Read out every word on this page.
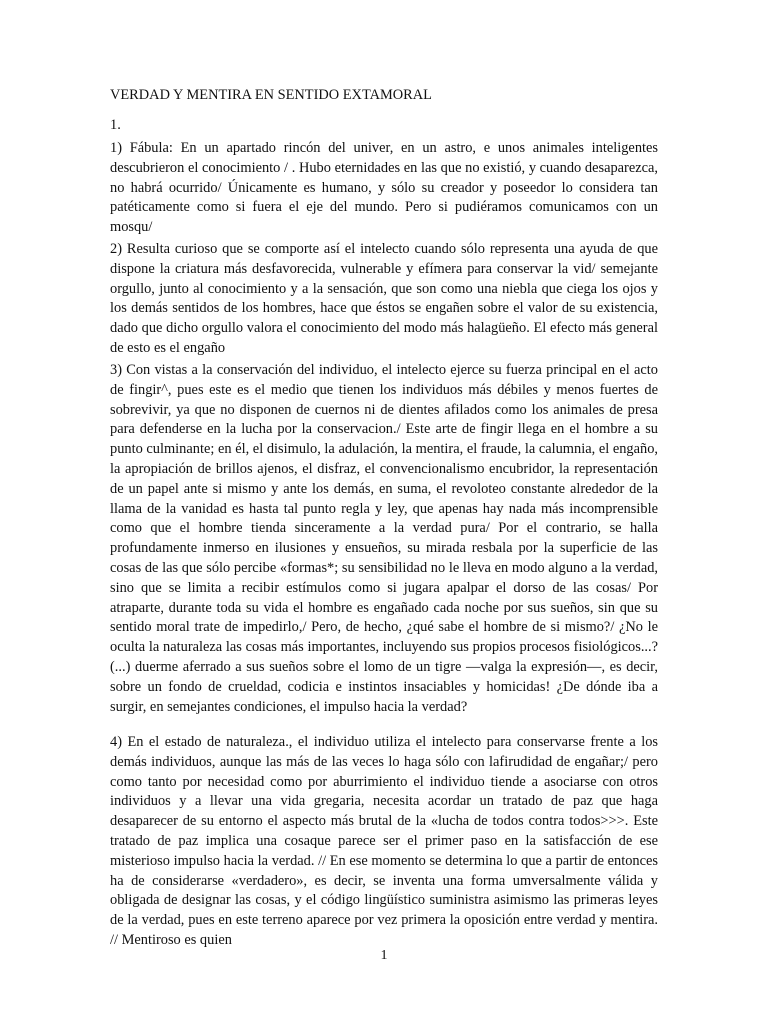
VERDAD Y MENTIRA EN SENTIDO EXTAMORAL
1.

1) Fábula: En un apartado rincón del univer, en un astro, e unos animales inteligentes descubrieron el conocimiento / . Hubo eternidades en las que no existió, y cuando desaparezca, no habrá ocurrido/ Únicamente es humano, y sólo su creador y poseedor lo considera tan patéticamente como si fuera el eje del mundo. Pero si pudiéramos comunicamos con un mosqu/

2) Resulta curioso que se comporte así el intelecto cuando sólo representa una ayuda de que dispone la criatura más desfavorecida, vulnerable y efímera para conservar la vid/ semejante orgullo, junto al conocimiento y a la sensación, que son como una niebla que ciega los ojos y los demás sentidos de los hombres, hace que éstos se engañen sobre el valor de su existencia, dado que dicho orgullo valora el conocimiento del modo más halagüeño. El efecto más general de esto es el engaño

3) Con vistas a la conservación del individuo, el intelecto ejerce su fuerza principal en el acto de fingir^, pues este es el medio que tienen los individuos más débiles y menos fuertes de sobrevivir, ya que no disponen de cuernos ni de dientes afilados como los animales de presa para defenderse en la lucha por la conservacion./ Este arte de fingir llega en el hombre a su punto culminante; en él, el disimulo, la adulación, la mentira, el fraude, la calumnia, el engaño, la apropiación de brillos ajenos, el disfraz, el convencionalismo encubridor, la representación de un papel ante si mismo y ante los demás, en suma, el revoloteo constante alrededor de la llama de la vanidad es hasta tal punto regla y ley, que apenas hay nada más incomprensible como que el hombre tienda sinceramente a la verdad pura/ Por el contrario, se halla profundamente inmerso en ilusiones y ensueños, su mirada resbala por la superficie de las cosas de las que sólo percibe «formas*; su sensibilidad no le lleva en modo alguno a la verdad, sino que se limita a recibir estímulos como si jugara apalpar el dorso de las cosas/ Por atraparte, durante toda su vida el hombre es engañado cada noche por sus sueños, sin que su sentido moral trate de impedirlo,/ Pero, de hecho, ¿qué sabe el hombre de si mismo?/ ¿No le oculta la naturaleza las cosas más importantes, incluyendo sus propios procesos fisiológicos...?(...) duerme aferrado a sus sueños sobre el lomo de un tigre —valga la expresión—, es decir, sobre un fondo de crueldad, codicia e instintos insaciables y homicidas! ¿De dónde iba a surgir, en semejantes condiciones, el impulso hacia la verdad?

4) En el estado de naturaleza., el individuo utiliza el intelecto para conservarse frente a los demás individuos, aunque las más de las veces lo haga sólo con lafirudidad de engañar;/ pero como tanto por necesidad como por aburrimiento el individuo tiende a asociarse con otros individuos y a llevar una vida gregaria, necesita acordar un tratado de paz que haga desaparecer de su entorno el aspecto más brutal de la «lucha de todos contra todos>>>. Este tratado de paz implica una cosaque parece ser el primer paso en la satisfacción de ese misterioso impulso hacia la verdad. // En ese momento se determina lo que a partir de entonces ha de considerarse «verdadero», es decir, se inventa una forma umversalmente válida y obligada de designar las cosas, y el código lingüístico suministra asimismo las primeras leyes de la verdad, pues en este terreno aparece por vez primera la oposición entre verdad y mentira. // Mentiroso es quien

1
